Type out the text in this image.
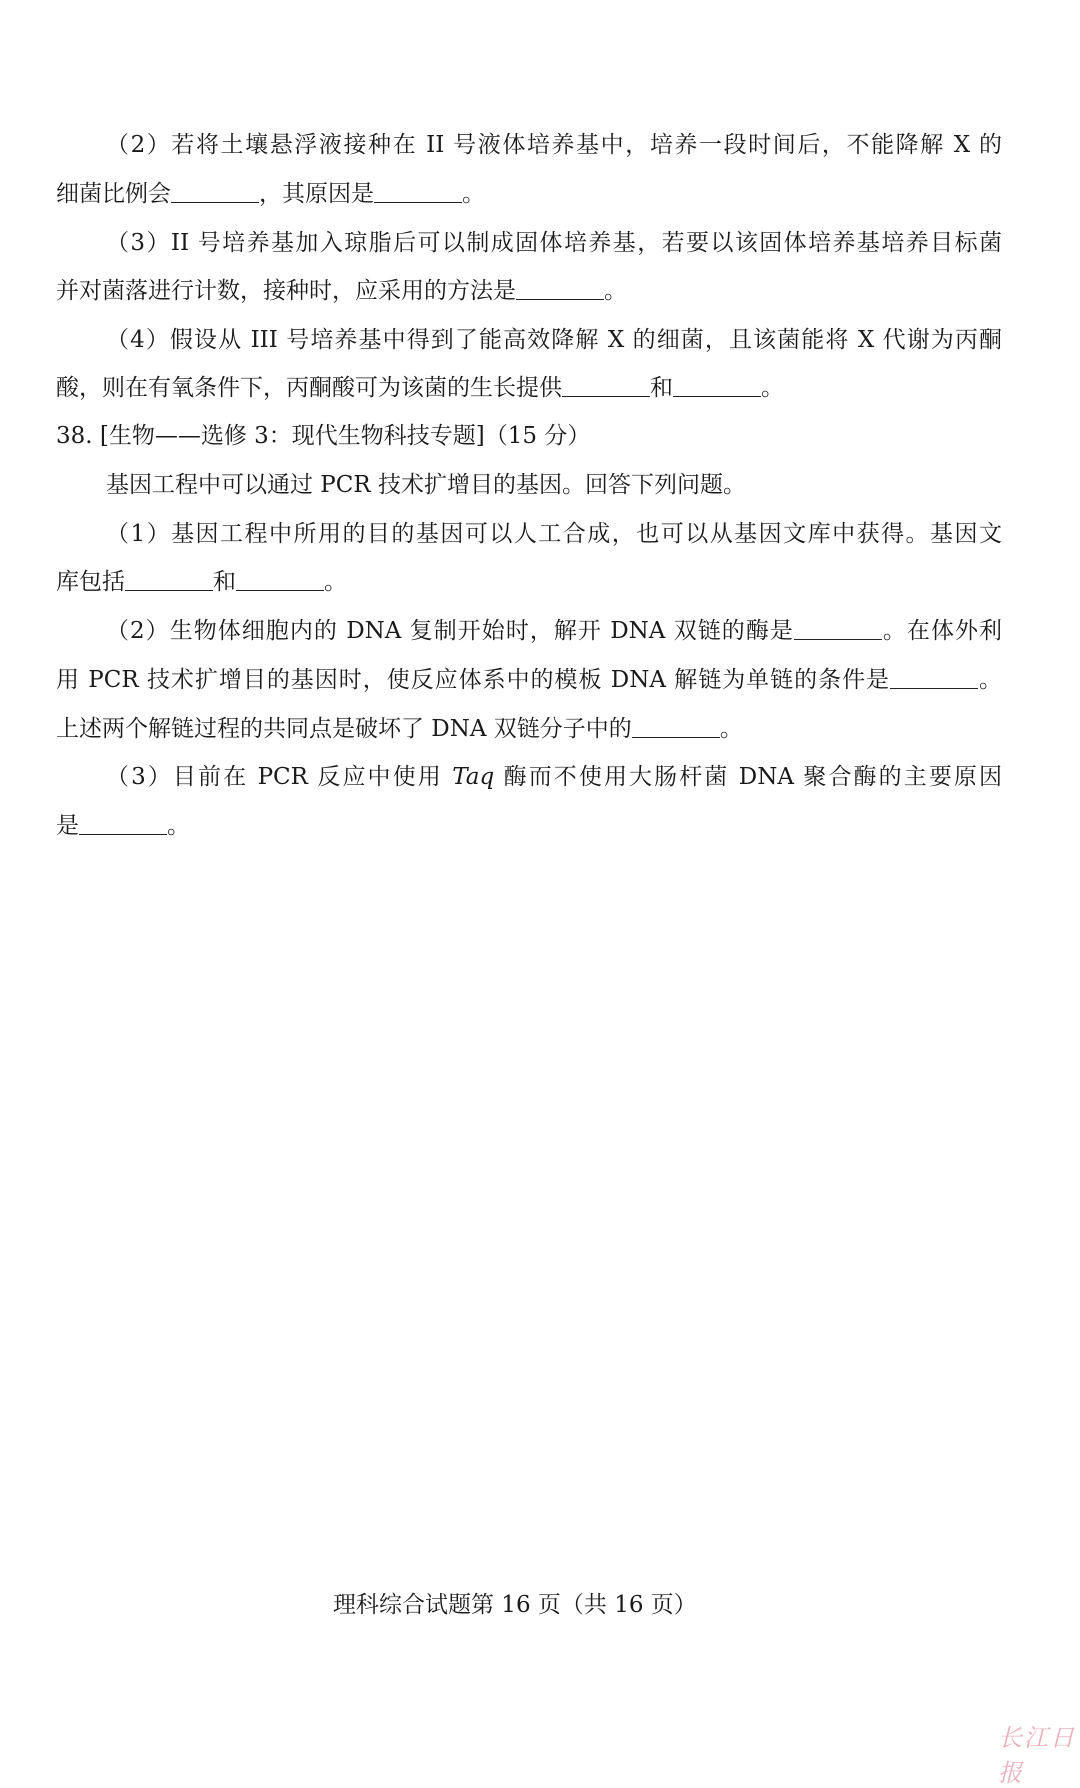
（2）若将土壤悬浮液接种在 II 号液体培养基中，培养一段时间后，不能降解 X 的
细菌比例会	，其原因是	。
（3）II 号培养基加入琼脂后可以制成固体培养基，若要以该固体培养基培养目标菌
并对菌落进行计数，接种时，应采用的方法是	。
（4）假设从 III 号培养基中得到了能高效降解 X 的细菌，且该菌能将 X 代谢为丙酮
酸，则在有氧条件下，丙酮酸可为该菌的生长提供	和	。
38. [生物——选修 3：现代生物科技专题]（15 分）
基因工程中可以通过 PCR 技术扩增目的基因。回答下列问题。
（1）基因工程中所用的目的基因可以人工合成，也可以从基因文库中获得。基因文
库包括	和	。
（2）生物体细胞内的 DNA 复制开始时，解开 DNA 双链的酶是	。在体外利
用 PCR 技术扩增目的基因时，使反应体系中的模板 DNA 解链为单链的条件是	。
上述两个解链过程的共同点是破坏了 DNA 双链分子中的	。
（3）目前在 PCR 反应中使用 Taq 酶而不使用大肠杆菌 DNA 聚合酶的主要原因
是	。
理科综合试题第 16 页（共 16 页）
长江日报
